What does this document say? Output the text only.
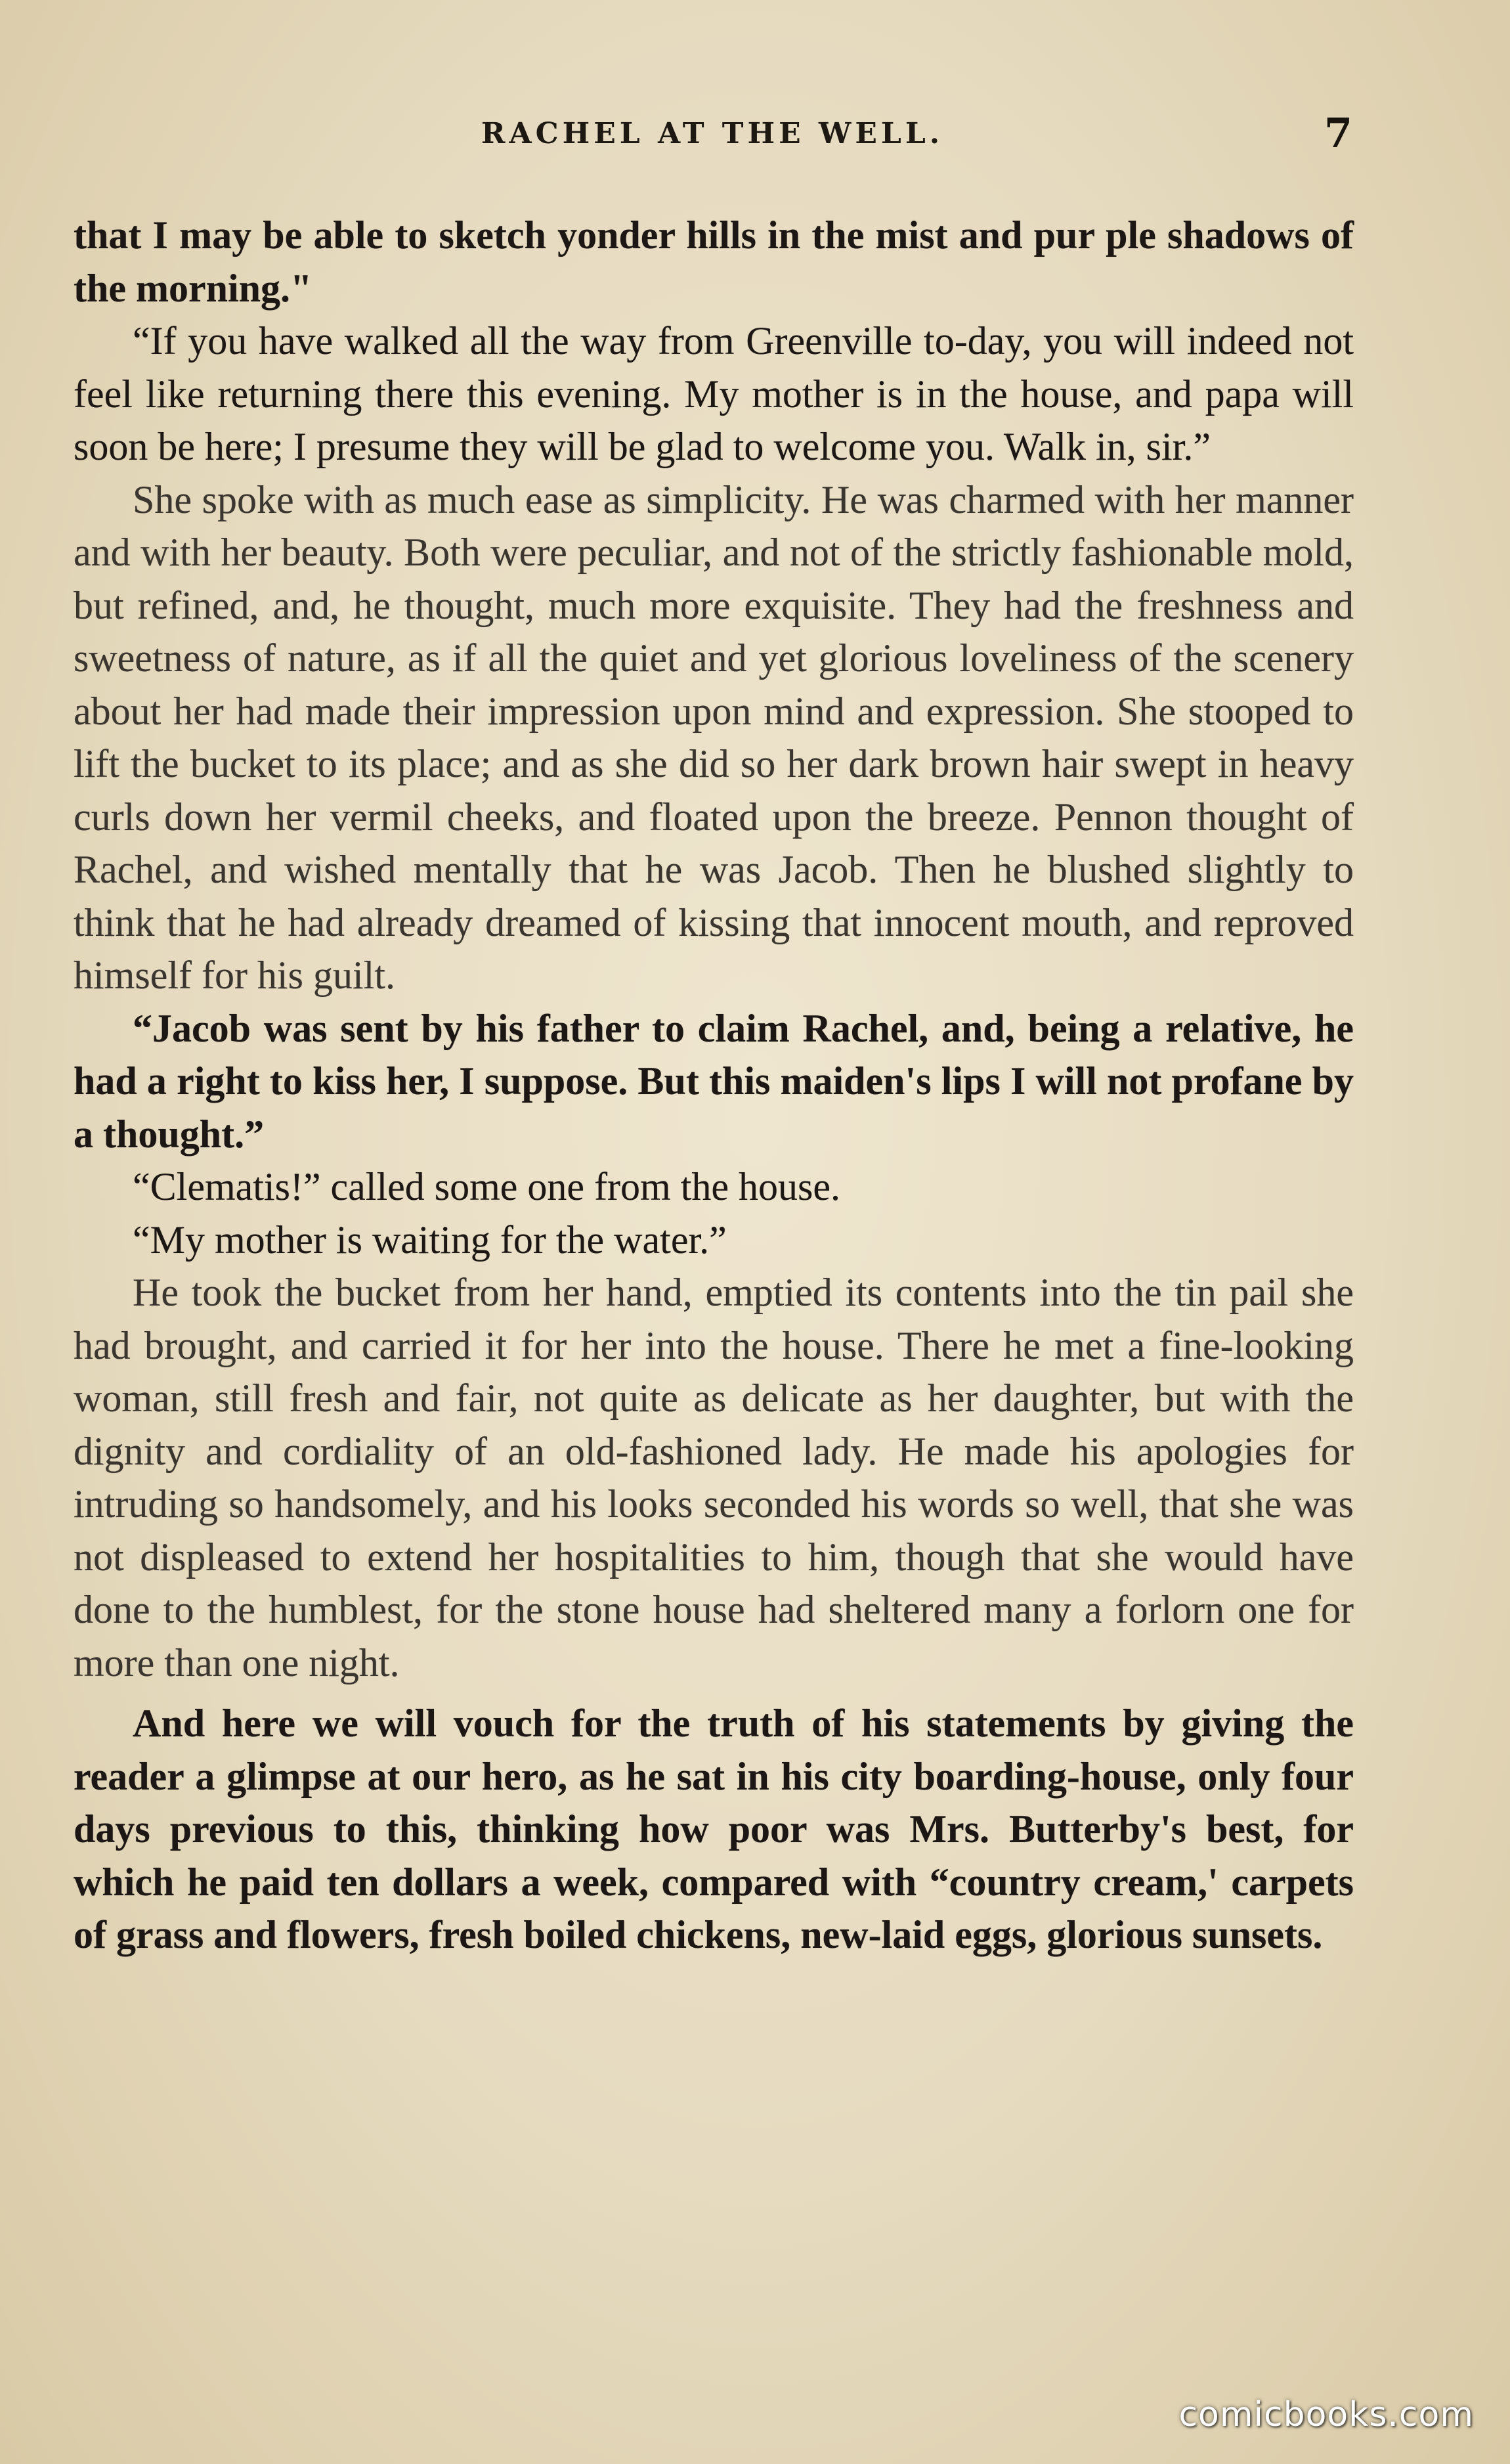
RACHEL AT THE WELL.	7

that I may be able to sketch yonder hills in the mist and pur ple shadows of the morning."

“If you have walked all the way from Greenville to-day, you will indeed not feel like returning there this evening. My mother is in the house, and papa will soon be here; I presume they will be glad to welcome you. Walk in, sir.”

She spoke with as much ease as simplicity. He was charmed with her manner and with her beauty. Both were peculiar, and not of the strictly fashionable mold, but refined, and, he thought, much more exquisite. They had the freshness and sweetness of nature, as if all the quiet and yet glorious loveliness of the scenery about her had made their impression upon mind and expression. She stooped to lift the bucket to its place; and as she did so her dark brown hair swept in heavy curls down her vermil cheeks, and floated upon the breeze. Pennon thought of Rachel, and wished mentally that he was Jacob. Then he blushed slightly to think that he had already dreamed of kissing that innocent mouth, and reproved himself for his guilt.

“Jacob was sent by his father to claim Rachel, and, being a relative, he had a right to kiss her, I suppose. But this maiden's lips I will not profane by a thought.”

“Clematis!” called some one from the house.

“My mother is waiting for the water.”

He took the bucket from her hand, emptied its contents into the tin pail she had brought, and carried it for her into the house. There he met a fine-looking woman, still fresh and fair, not quite as delicate as her daughter, but with the dignity and cordiality of an old-fashioned lady. He made his apologies for intruding so handsomely, and his looks seconded his words so well, that she was not displeased to extend her hospitalities to him, though that she would have done to the humblest, for the stone house had sheltered many a forlorn one for more than one night.

And here we will vouch for the truth of his statements by giving the reader a glimpse at our hero, as he sat in his city boarding-house, only four days previous to this, thinking how poor was Mrs. Butterby's best, for which he paid ten dollars a week, compared with “country cream,' carpets of grass and flowers, fresh boiled chickens, new-laid eggs, glorious sunsets.

comicbooks.com
